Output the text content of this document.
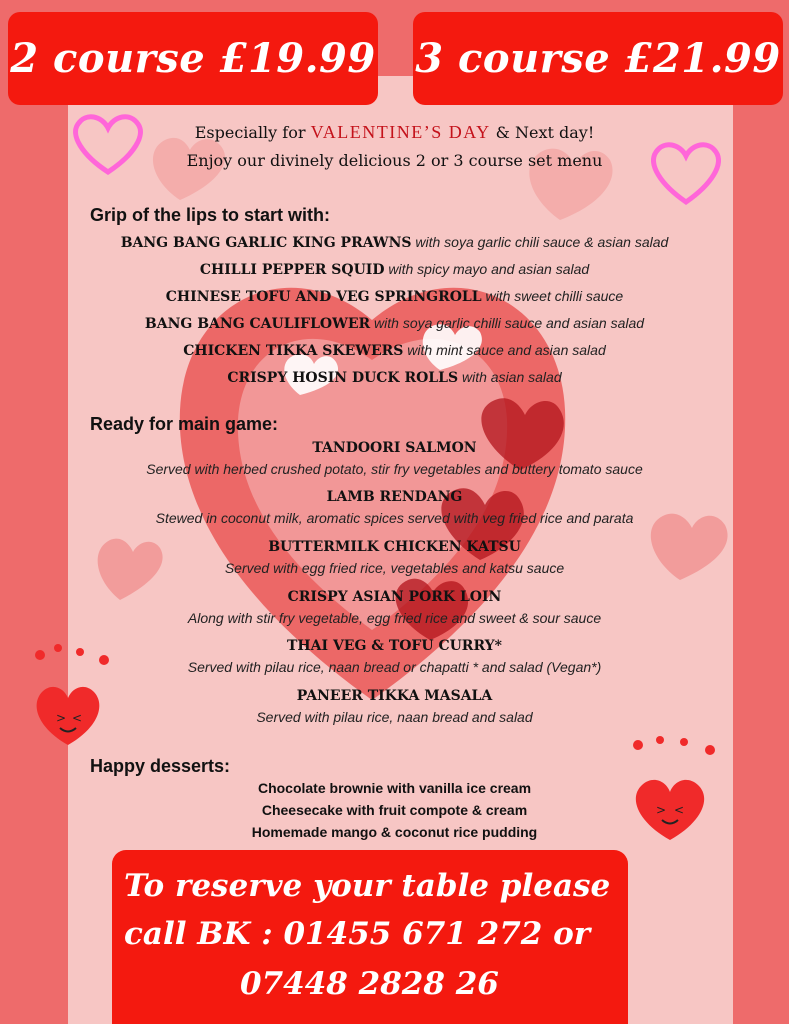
> <
> <
2 course £19.99 3 course £21.99
Especially for VALENTINE’S DAY & Next day!
Enjoy our divinely delicious 2 or 3 course set menu
Grip of the lips to start with:
BANG BANG GARLIC KING PRAWNS with soya garlic chili sauce & asian salad
CHILLI PEPPER SQUID with spicy mayo and asian salad
CHINESE TOFU AND VEG SPRINGROLL with sweet chilli sauce
BANG BANG CAULIFLOWER with soya garlic chilli sauce and asian salad
CHICKEN TIKKA SKEWERS with mint sauce and asian salad
CRISPY HOSIN DUCK ROLLS with asian salad
Ready for main game:
TANDOORI SALMON
Served with herbed crushed potato, stir fry vegetables and buttery tomato sauce
LAMB RENDANG
Stewed in coconut milk, aromatic spices served with veg fried rice and parata
BUTTERMILK CHICKEN KATSU
Served with egg fried rice, vegetables and katsu sauce
CRISPY ASIAN PORK LOIN
Along with stir fry vegetable, egg fried rice and sweet & sour sauce
THAI VEG & TOFU CURRY*
Served with pilau rice, naan bread or chapatti * and salad (Vegan*)
PANEER TIKKA MASALA
Served with pilau rice, naan bread and salad
Happy desserts:
Chocolate brownie with vanilla ice cream
Cheesecake with fruit compote & cream
Homemade mango & coconut rice pudding
To reserve your table please
call BK : 01455 671 272 or
07448 2828 26
